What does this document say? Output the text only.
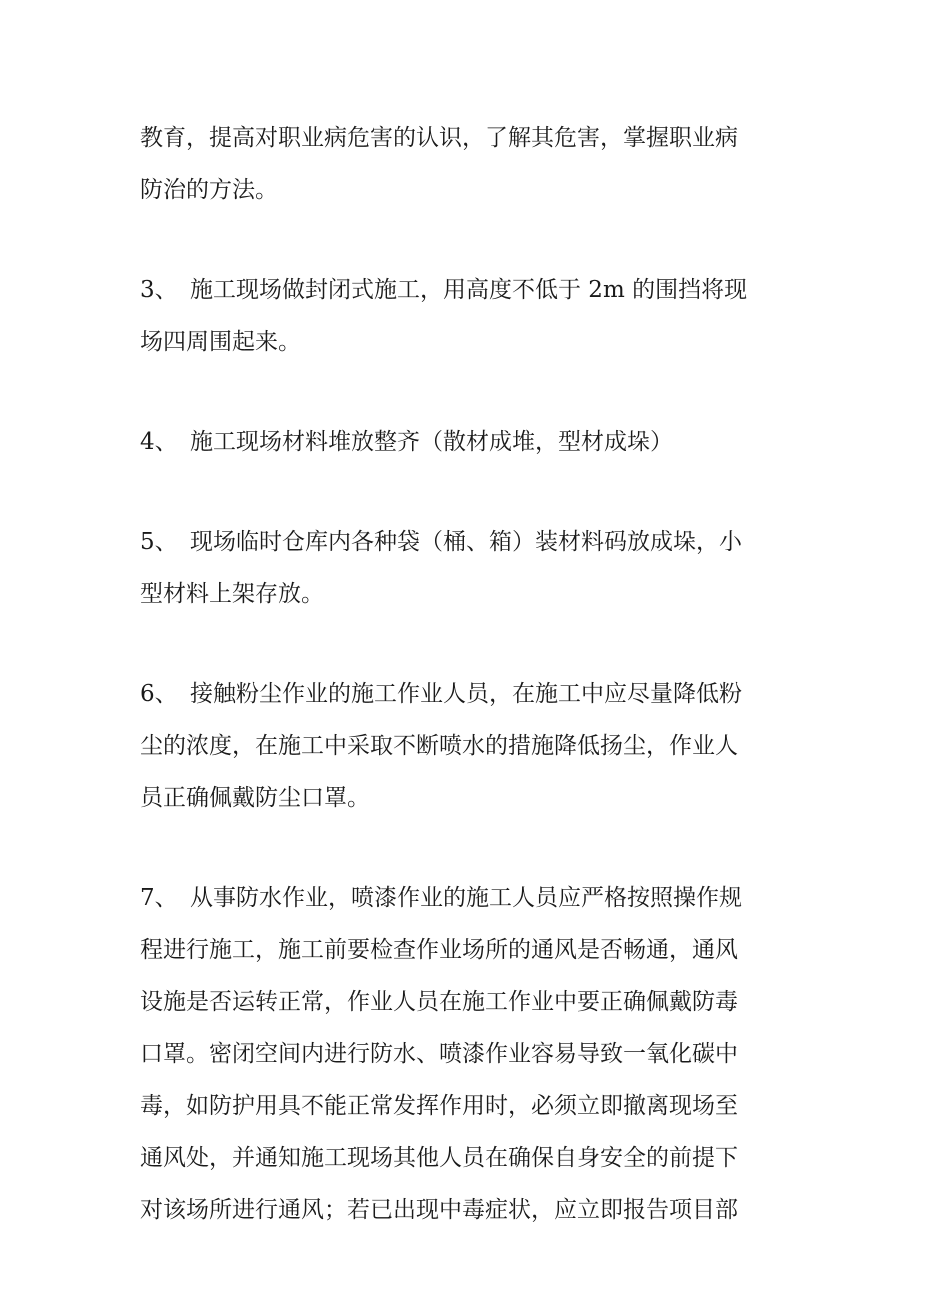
教育，提高对职业病危害的认识，了解其危害，掌握职业病
防治的方法。

3、 施工现场做封闭式施工，用高度不低于 2m 的围挡将现
场四周围起来。

4、 施工现场材料堆放整齐（散材成堆，型材成垛）

5、 现场临时仓库内各种袋（桶、箱）装材料码放成垛，小
型材料上架存放。

6、 接触粉尘作业的施工作业人员，在施工中应尽量降低粉
尘的浓度，在施工中采取不断喷水的措施降低扬尘，作业人
员正确佩戴防尘口罩。

7、 从事防水作业，喷漆作业的施工人员应严格按照操作规
程进行施工，施工前要检查作业场所的通风是否畅通，通风
设施是否运转正常，作业人员在施工作业中要正确佩戴防毒
口罩。密闭空间内进行防水、喷漆作业容易导致一氧化碳中
毒，如防护用具不能正常发挥作用时，必须立即撤离现场至
通风处，并通知施工现场其他人员在确保自身安全的前提下
对该场所进行通风；若已出现中毒症状，应立即报告项目部
